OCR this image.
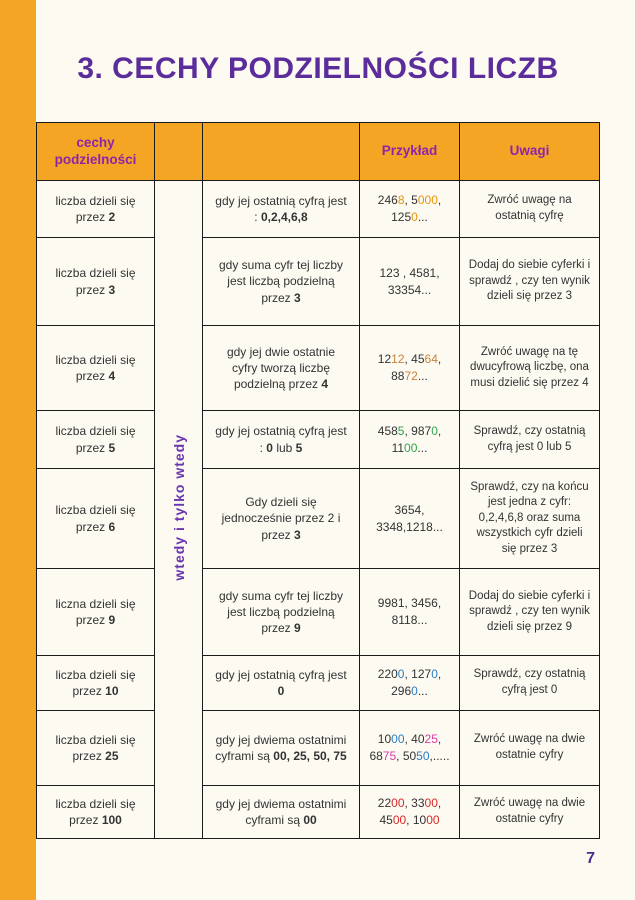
3. CECHY PODZIELNOŚCI LICZB
cechy podzielności			Przykład	Uwagi
liczba dzieli się przez 2	wtedy i tylko wtedy	gdy jej ostatnią cyfrą jest : 0,2,4,6,8	2468, 5000, 1250...	Zwróć uwagę na ostatnią cyfrę
liczba dzieli się przez 3		gdy suma cyfr tej liczby jest liczbą podzielną przez 3	123 , 4581, 33354...	Dodaj do siebie cyferki i sprawdź , czy ten wynik dzieli się przez 3
liczba dzieli się przez 4		gdy jej dwie ostatnie cyfry tworzą liczbę podzielną przez 4	1212, 4564, 8872...	Zwróć uwagę na tę dwucyfrową liczbę, ona musi dzielić się przez 4
liczba dzieli się przez 5		gdy jej ostatnią cyfrą jest : 0 lub 5	4585, 9870, 1100...	Sprawdź, czy ostatnią cyfrą jest 0 lub 5
liczba dzieli się przez 6		Gdy dzieli się jednocześnie przez 2 i przez 3	3654, 3348,1218...	Sprawdź, czy na końcu jest jedna z cyfr: 0,2,4,6,8 oraz suma wszystkich cyfr dzieli się przez 3
liczna dzieli się przez 9		gdy suma cyfr tej liczby jest liczbą podzielną przez 9	9981, 3456, 8118...	Dodaj do siebie cyferki i sprawdź , czy ten wynik dzieli się przez 9
liczba dzieli się przez 10		gdy jej ostatnią cyfrą jest 0	2200, 1270, 2960...	Sprawdź, czy ostatnią cyfrą jest 0
liczba dzieli się przez 25		gdy jej dwiema ostatnimi cyframi są 00, 25, 50, 75	1000, 4025, 6875, 5050,.....	Zwróć uwagę na dwie ostatnie cyfry
liczba dzieli się przez 100		gdy jej dwiema ostatnimi cyframi są 00	2200, 3300, 4500, 1000	Zwróć uwagę na dwie ostatnie cyfry
7
